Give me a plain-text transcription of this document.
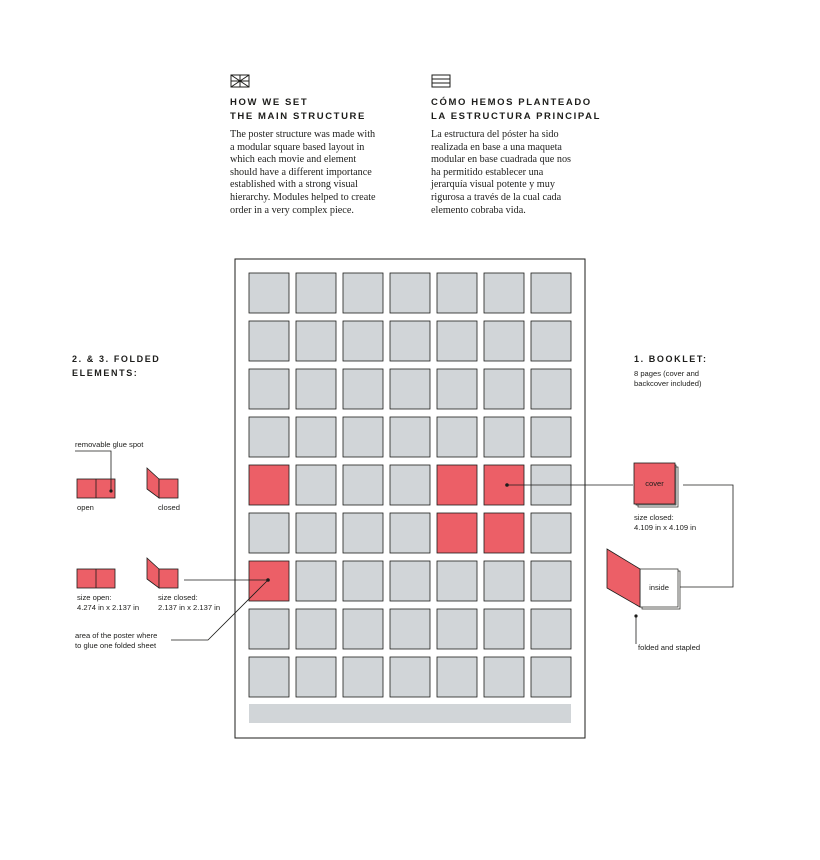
HOW WE SET
THE MAIN STRUCTURE
The poster structure was made with a modular square based layout in which each movie and element should have a different importance established with a strong visual hierarchy. Modules helped to create order in a very complex piece.
CÓMO HEMOS PLANTEADO
LA ESTRUCTURA PRINCIPAL
La estructura del póster ha sido realizada en base a una maqueta modular en base cuadrada que nos ha permitido establecer una jerarquía visual potente y muy rigurosa a través de la cual cada elemento cobraba vida.
2. & 3. FOLDED
ELEMENTS:
removable glue spot
open	closed
size open:
4.274 in x 2.137 in
size closed:
2.137 in x 2.137 in
area of the poster where
to glue one folded sheet
1. BOOKLET:
8 pages (cover and
backcover included)
cover
size closed:
4.109 in x 4.109 in
inside
folded and stapled
